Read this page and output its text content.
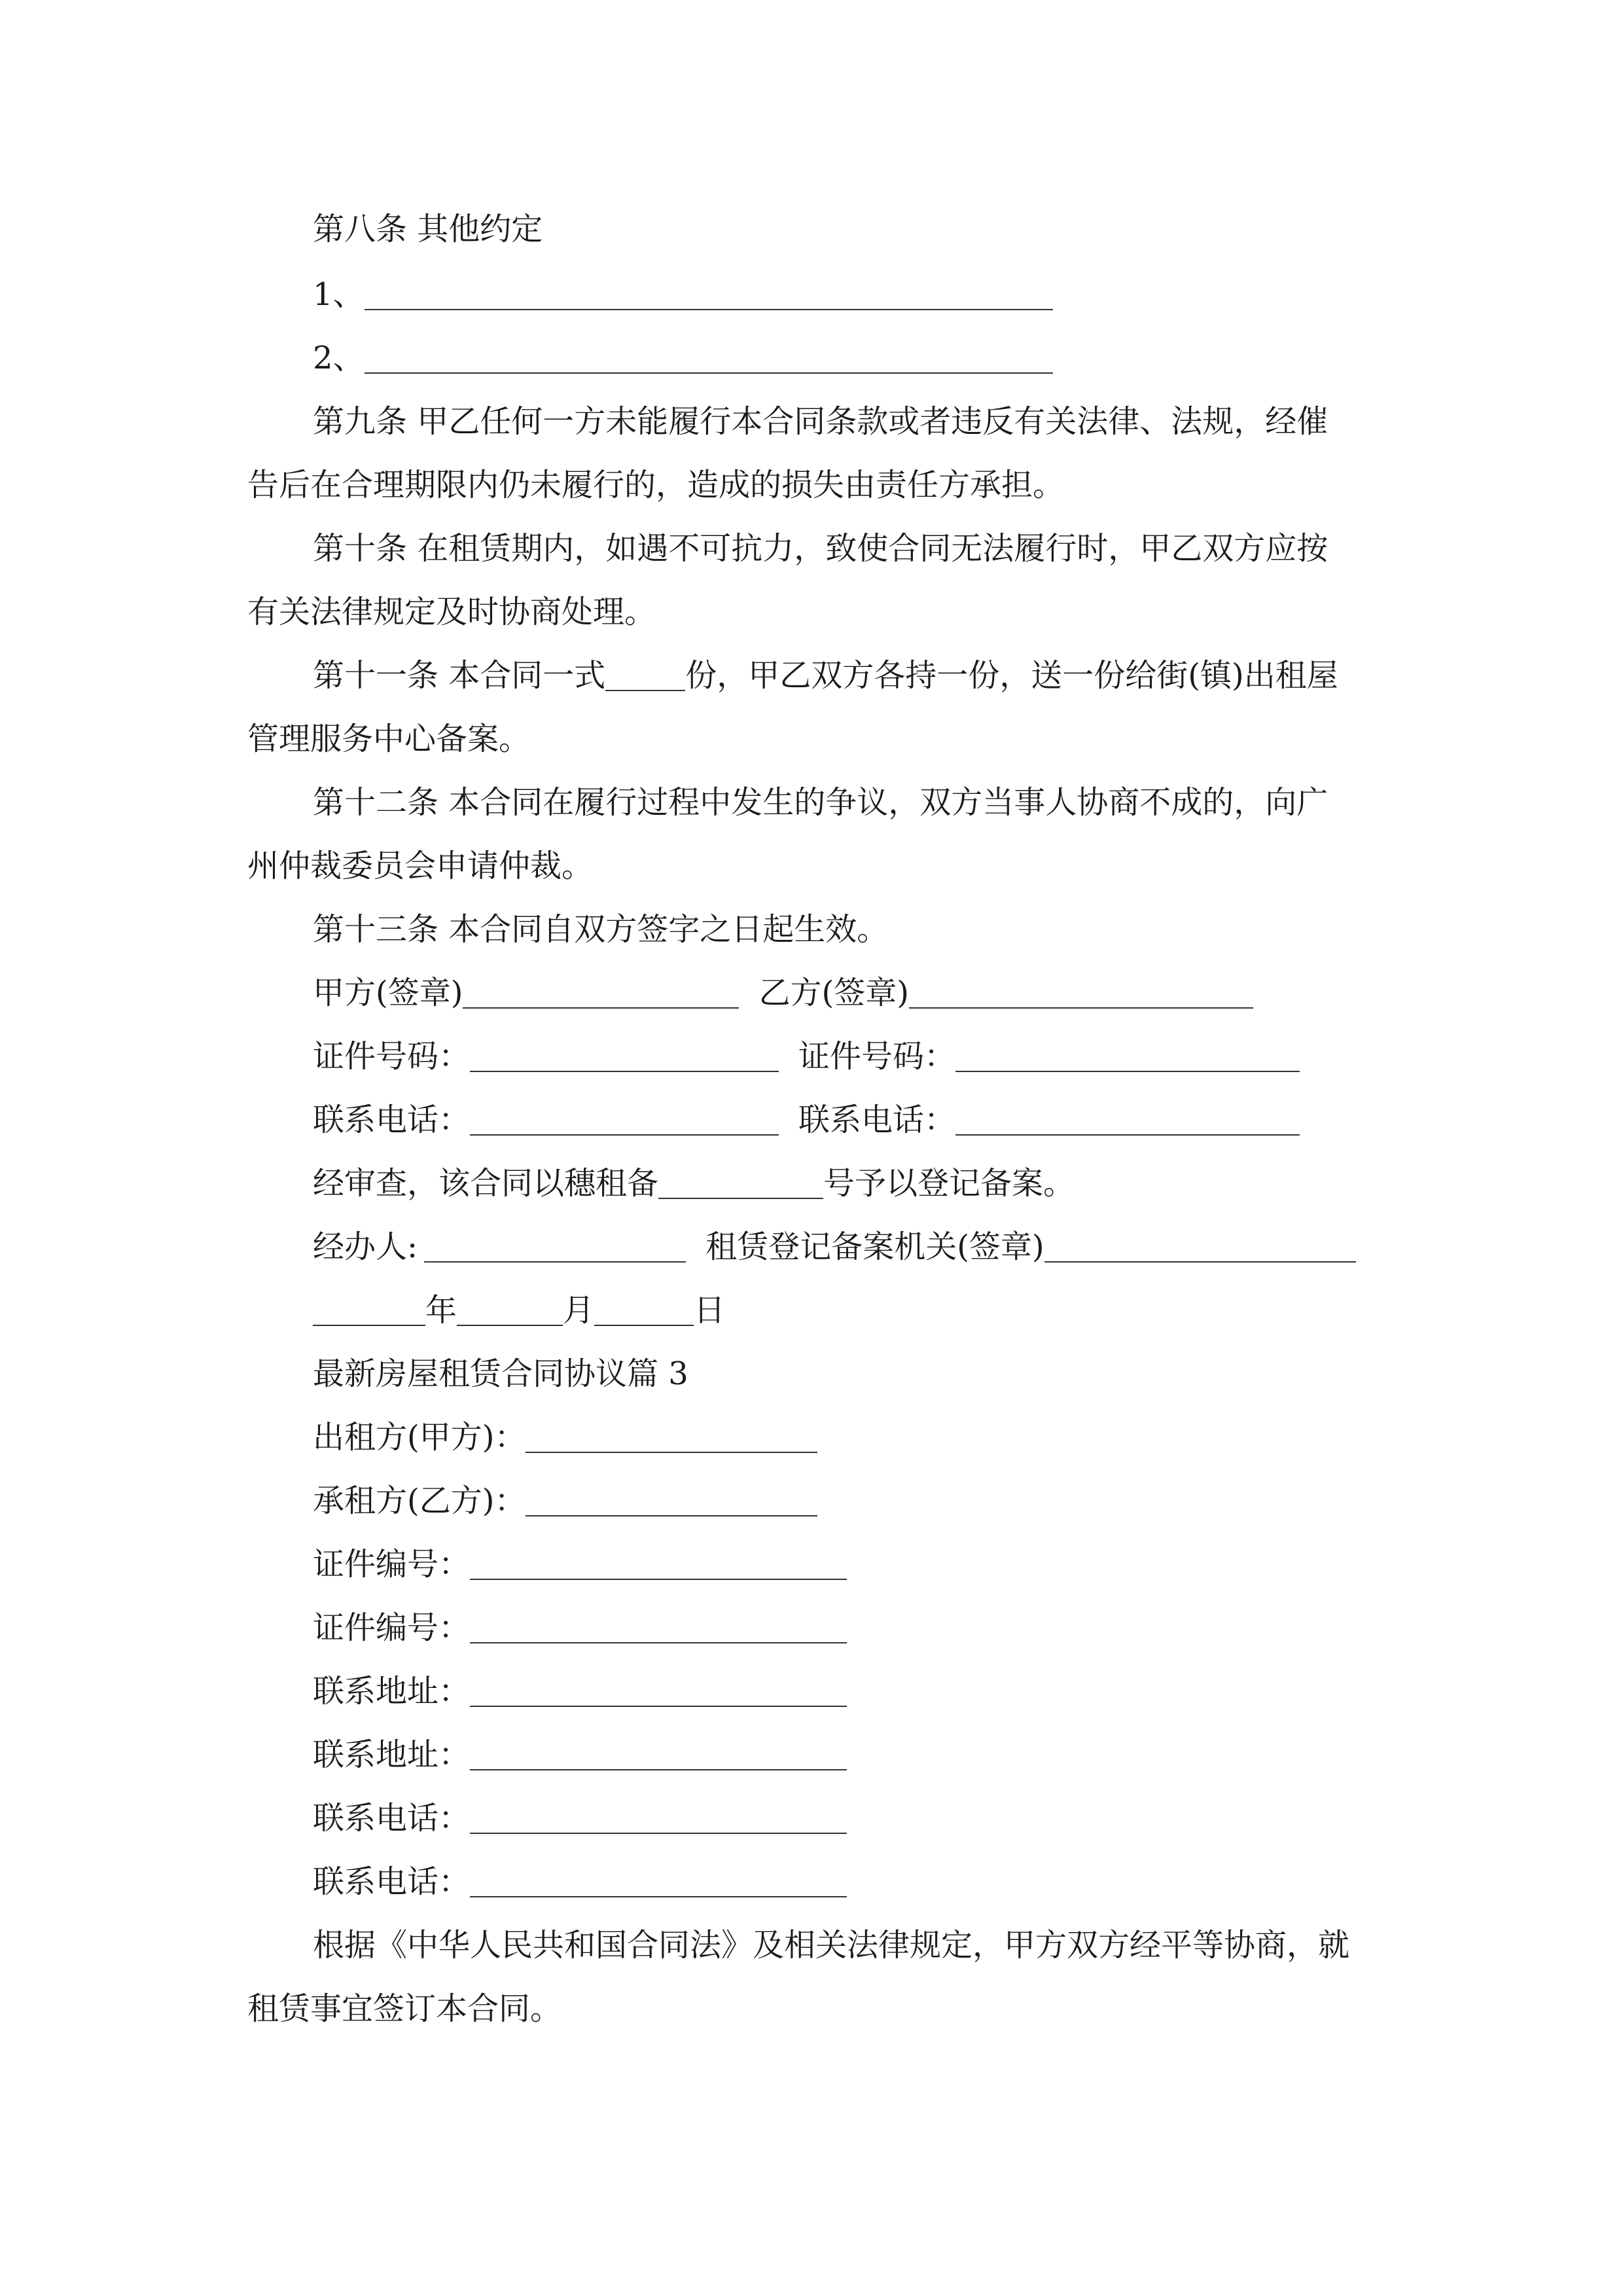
第八条 其他约定
1、
2、
第九条 甲乙任何一方未能履行本合同条款或者违反有关法律、法规，经催
告后在合理期限内仍未履行的，造成的损失由责任方承担。
第十条 在租赁期内，如遇不可抗力，致使合同无法履行时，甲乙双方应按
有关法律规定及时协商处理。
第十一条 本合同一式	份，甲乙双方各持一份，送一份给街(镇)出租屋
管理服务中心备案。
第十二条 本合同在履行过程中发生的争议，双方当事人协商不成的，向广
州仲裁委员会申请仲裁。
第十三条 本合同自双方签字之日起生效。
甲方(签章)	乙方(签章)
证件号码：	证件号码：
联系电话：	联系电话：
经审查，该合同以穗租备	号予以登记备案。
经办人:	租赁登记备案机关(签章)
年	月	日
最新房屋租赁合同协议篇 3
出租方(甲方)：
承租方(乙方)：
证件编号：
证件编号：
联系地址：
联系地址：
联系电话：
联系电话：
根据《中华人民共和国合同法》及相关法律规定，甲方双方经平等协商，就
租赁事宜签订本合同。
